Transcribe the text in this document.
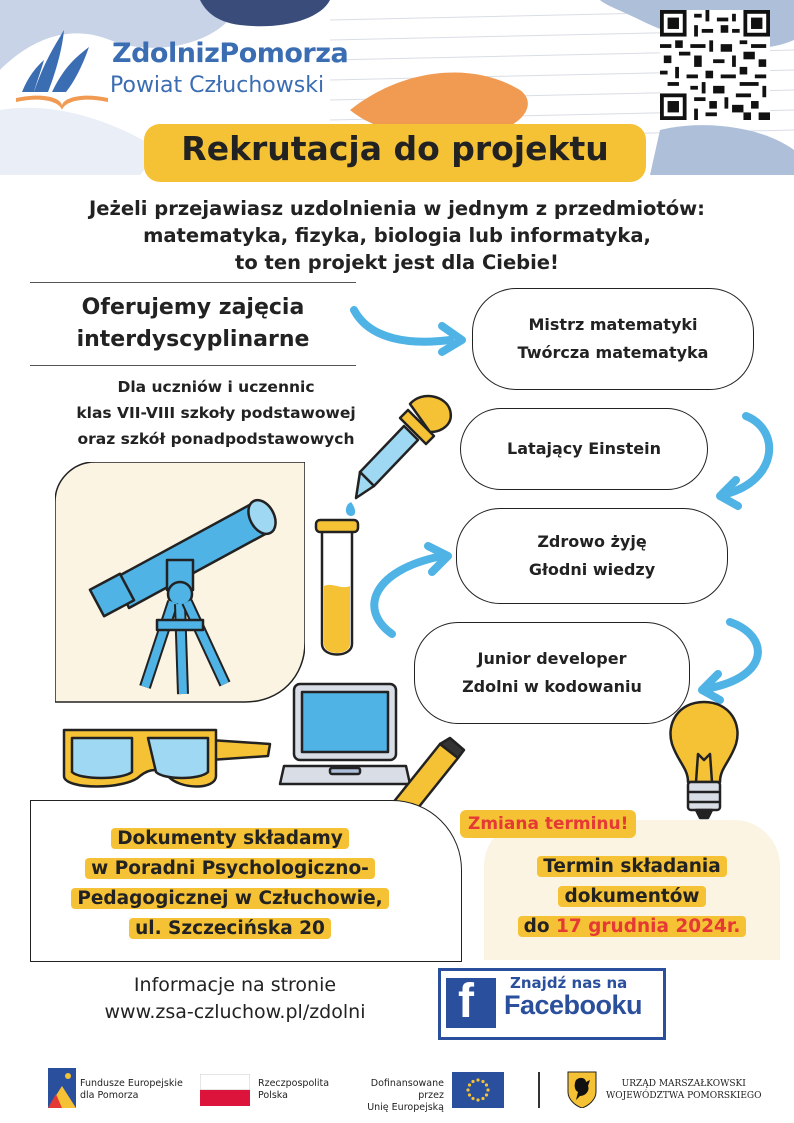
ZdolnizPomorza
Powiat Człuchowski
Rekrutacja do projektu
Jeżeli przejawiasz uzdolnienia w jednym z przedmiotów:
matematyka, fizyka, biologia lub informatyka,
to ten projekt jest dla Ciebie!
Oferujemy zajęcia
interdyscyplinarne
Dla uczniów i uczennic
klas VII-VIII szkoły podstawowej
oraz szkół ponadpodstawowych
Mistrz matematyki
Twórcza matematyka
Latający Einstein
Zdrowo żyję
Głodni wiedzy
Junior developer
Zdolni w kodowaniu
Dokumenty składamy
w Poradni Psychologiczno-
Pedagogicznej w Człuchowie,
ul. Szczecińska 20
Zmiana terminu!
Termin składania
dokumentów
do 17 grudnia 2024r.
Informacje na stronie
www.zsa-czluchow.pl/zdolni	f Znajdź nas na
Facebooku
Fundusze Europejskie
dla Pomorza
Rzeczpospolita
Polska
Dofinansowane przez
Unię Europejską
URZĄD MARSZAŁKOWSKI
WOJEWÓDZTWA POMORSKIEGO
